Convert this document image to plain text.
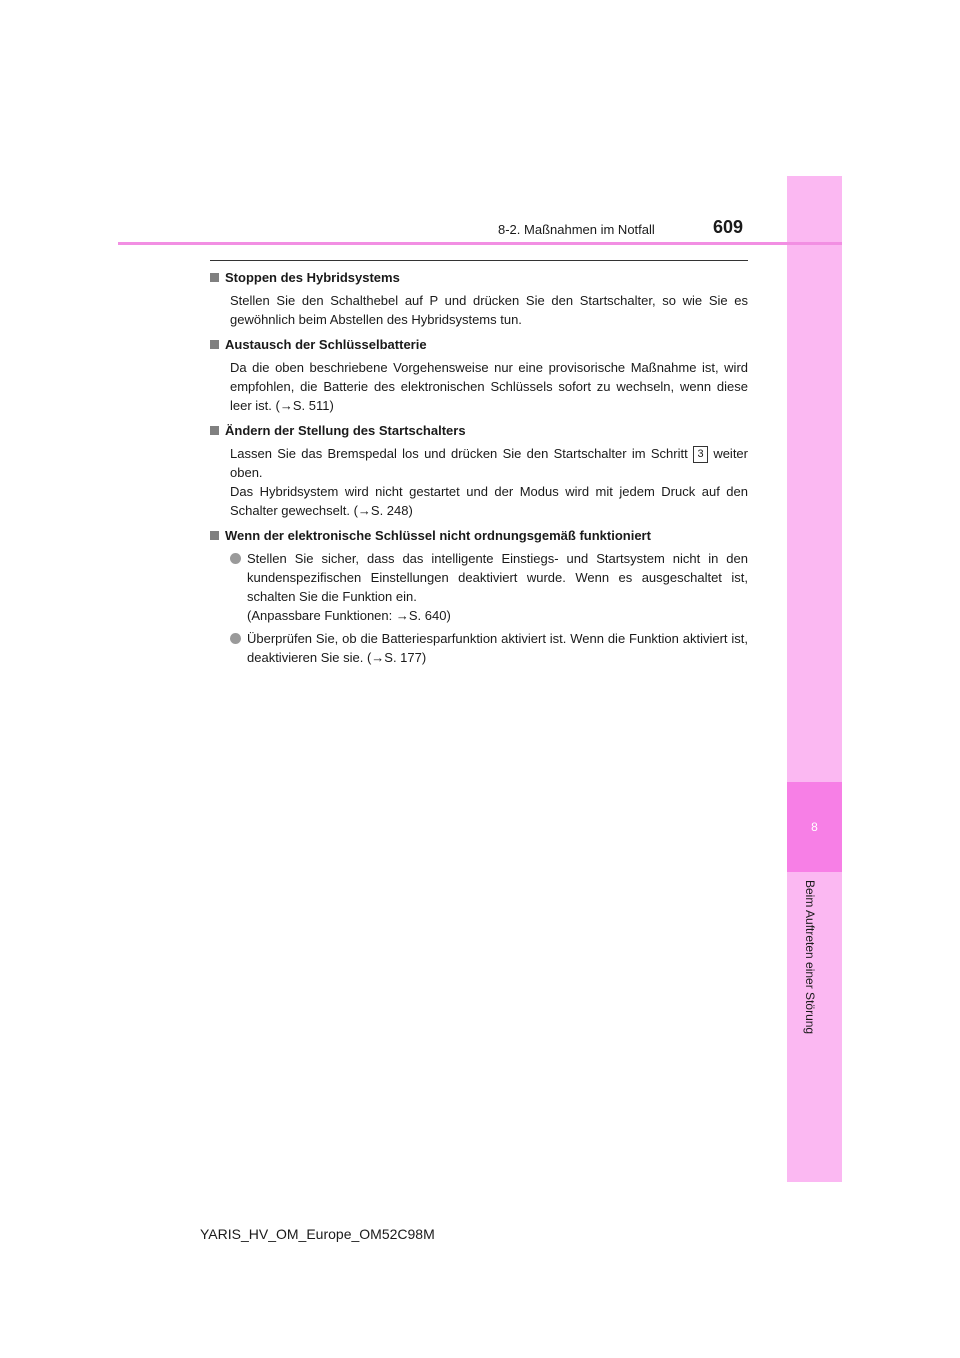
8
Beim Auftreten einer Störung
8-2. Maßnahmen im Notfall	609
Stoppen des Hybridsystems
Stellen Sie den Schalthebel auf P und drücken Sie den Startschalter, so wie Sie es gewöhnlich beim Abstellen des Hybridsystems tun.
Austausch der Schlüsselbatterie
Da die oben beschriebene Vorgehensweise nur eine provisorische Maßnahme ist, wird empfohlen, die Batterie des elektronischen Schlüssels sofort zu wechseln, wenn diese leer ist. (→S. 511)
Ändern der Stellung des Startschalters
Lassen Sie das Bremspedal los und drücken Sie den Startschalter im Schritt 3 weiter oben.
Das Hybridsystem wird nicht gestartet und der Modus wird mit jedem Druck auf den Schalter gewechselt. (→S. 248)
Wenn der elektronische Schlüssel nicht ordnungsgemäß funktioniert
Stellen Sie sicher, dass das intelligente Einstiegs- und Startsystem nicht in den kundenspezifischen Einstellungen deaktiviert wurde. Wenn es ausgeschaltet ist, schalten Sie die Funktion ein.
(Anpassbare Funktionen: →S. 640)
Überprüfen Sie, ob die Batteriesparfunktion aktiviert ist. Wenn die Funktion aktiviert ist, deaktivieren Sie sie. (→S. 177)
YARIS_HV_OM_Europe_OM52C98M
